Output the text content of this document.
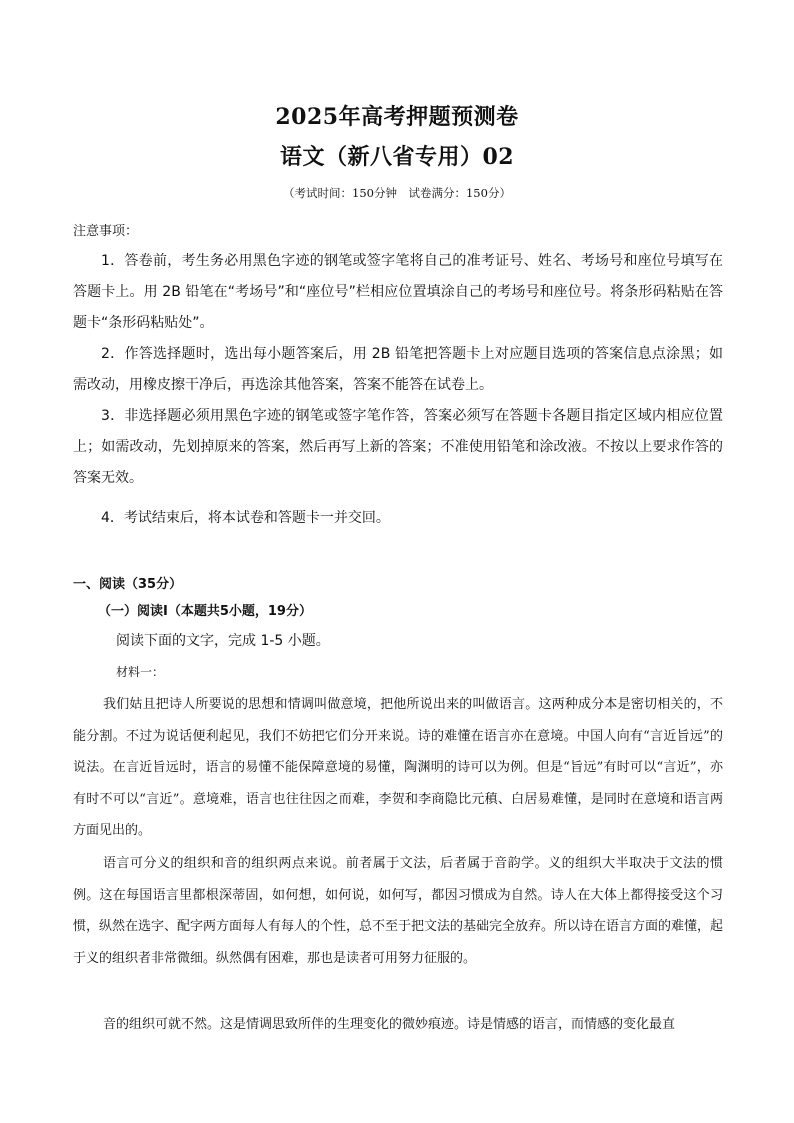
2025年高考押题预测卷
语文（新八省专用）02
（考试时间：150分钟　试卷满分：150分）
注意事项：
1．答卷前，考生务必用黑色字迹的钢笔或签字笔将自己的准考证号、姓名、考场号和座位号填写在答题卡上。用 2B 铅笔在“考场号”和“座位号”栏相应位置填涂自己的考场号和座位号。将条形码粘贴在答题卡“条形码粘贴处”。
2．作答选择题时，选出每小题答案后，用 2B 铅笔把答题卡上对应题目选项的答案信息点涂黑；如需改动，用橡皮擦干净后，再选涂其他答案，答案不能答在试卷上。
3．非选择题必须用黑色字迹的钢笔或签字笔作答，答案必须写在答题卡各题目指定区域内相应位置上；如需改动，先划掉原来的答案，然后再写上新的答案；不准使用铅笔和涂改液。不按以上要求作答的答案无效。
4．考试结束后，将本试卷和答题卡一并交回。
一、阅读（35分）
（一）阅读Ⅰ（本题共5小题，19分）
阅读下面的文字，完成 1-5 小题。
材料一：
我们姑且把诗人所要说的思想和情调叫做意境，把他所说出来的叫做语言。这两种成分本是密切相关的，不能分割。不过为说话便利起见，我们不妨把它们分开来说。诗的难懂在语言亦在意境。中国人向有“言近旨远”的说法。在言近旨远时，语言的易懂不能保障意境的易懂，陶渊明的诗可以为例。但是“旨远”有时可以“言近”，亦有时不可以“言近”。意境难，语言也往往因之而难，李贺和李商隐比元稹、白居易难懂，是同时在意境和语言两方面见出的。
语言可分义的组织和音的组织两点来说。前者属于文法，后者属于音韵学。义的组织大半取决于文法的惯例。这在每国语言里都根深蒂固，如何想，如何说，如何写，都因习惯成为自然。诗人在大体上都得接受这个习惯，纵然在选字、配字两方面每人有每人的个性，总不至于把文法的基础完全放弃。所以诗在语言方面的难懂，起于义的组织者非常微细。纵然偶有困难，那也是读者可用努力征服的。
音的组织可就不然。这是情调思致所伴的生理变化的微妙痕迹。诗是情感的语言，而情感的变化最直
